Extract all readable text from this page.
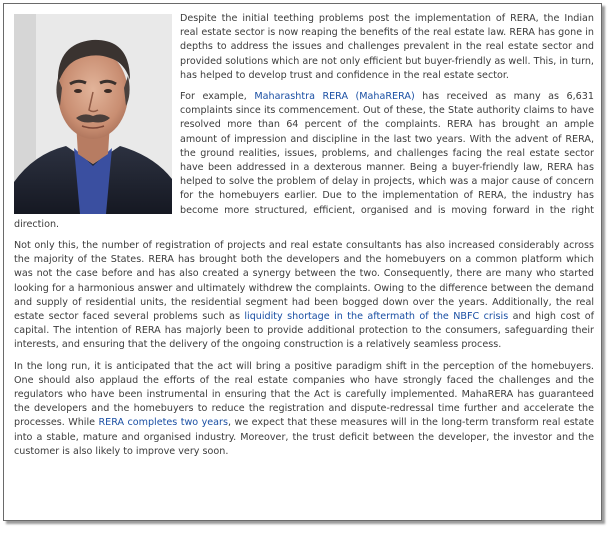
Despite the initial teething problems post the implementation of RERA, the Indian real estate sector is now reaping the benefits of the real estate law. RERA has gone in depths to address the issues and challenges prevalent in the real estate sector and provided solutions which are not only efficient but buyer-friendly as well. This, in turn, has helped to develop trust and confidence in the real estate sector.

For example, Maharashtra RERA (MahaRERA) has received as many as 6,631 complaints since its commencement. Out of these, the State authority claims to have resolved more than 64 percent of the complaints. RERA has brought an ample amount of impression and discipline in the last two years. With the advent of RERA, the ground realities, issues, problems, and challenges facing the real estate sector have been addressed in a dexterous manner. Being a buyer-friendly law, RERA has helped to solve the problem of delay in projects, which was a major cause of concern for the homebuyers earlier. Due to the implementation of RERA, the industry has become more structured, efficient, organised and is moving forward in the right direction.

Not only this, the number of registration of projects and real estate consultants has also increased considerably across the majority of the States. RERA has brought both the developers and the homebuyers on a common platform which was not the case before and has also created a synergy between the two. Consequently, there are many who started looking for a harmonious answer and ultimately withdrew the complaints. Owing to the difference between the demand and supply of residential units, the residential segment had been bogged down over the years. Additionally, the real estate sector faced several problems such as liquidity shortage in the aftermath of the NBFC crisis and high cost of capital. The intention of RERA has majorly been to provide additional protection to the consumers, safeguarding their interests, and ensuring that the delivery of the ongoing construction is a relatively seamless process.

In the long run, it is anticipated that the act will bring a positive paradigm shift in the perception of the homebuyers. One should also applaud the efforts of the real estate companies who have strongly faced the challenges and the regulators who have been instrumental in ensuring that the Act is carefully implemented. MahaRERA has guaranteed the developers and the homebuyers to reduce the registration and dispute-redressal time further and accelerate the processes. While RERA completes two years, we expect that these measures will in the long-term transform real estate into a stable, mature and organised industry. Moreover, the trust deficit between the developer, the investor and the customer is also likely to improve very soon.
